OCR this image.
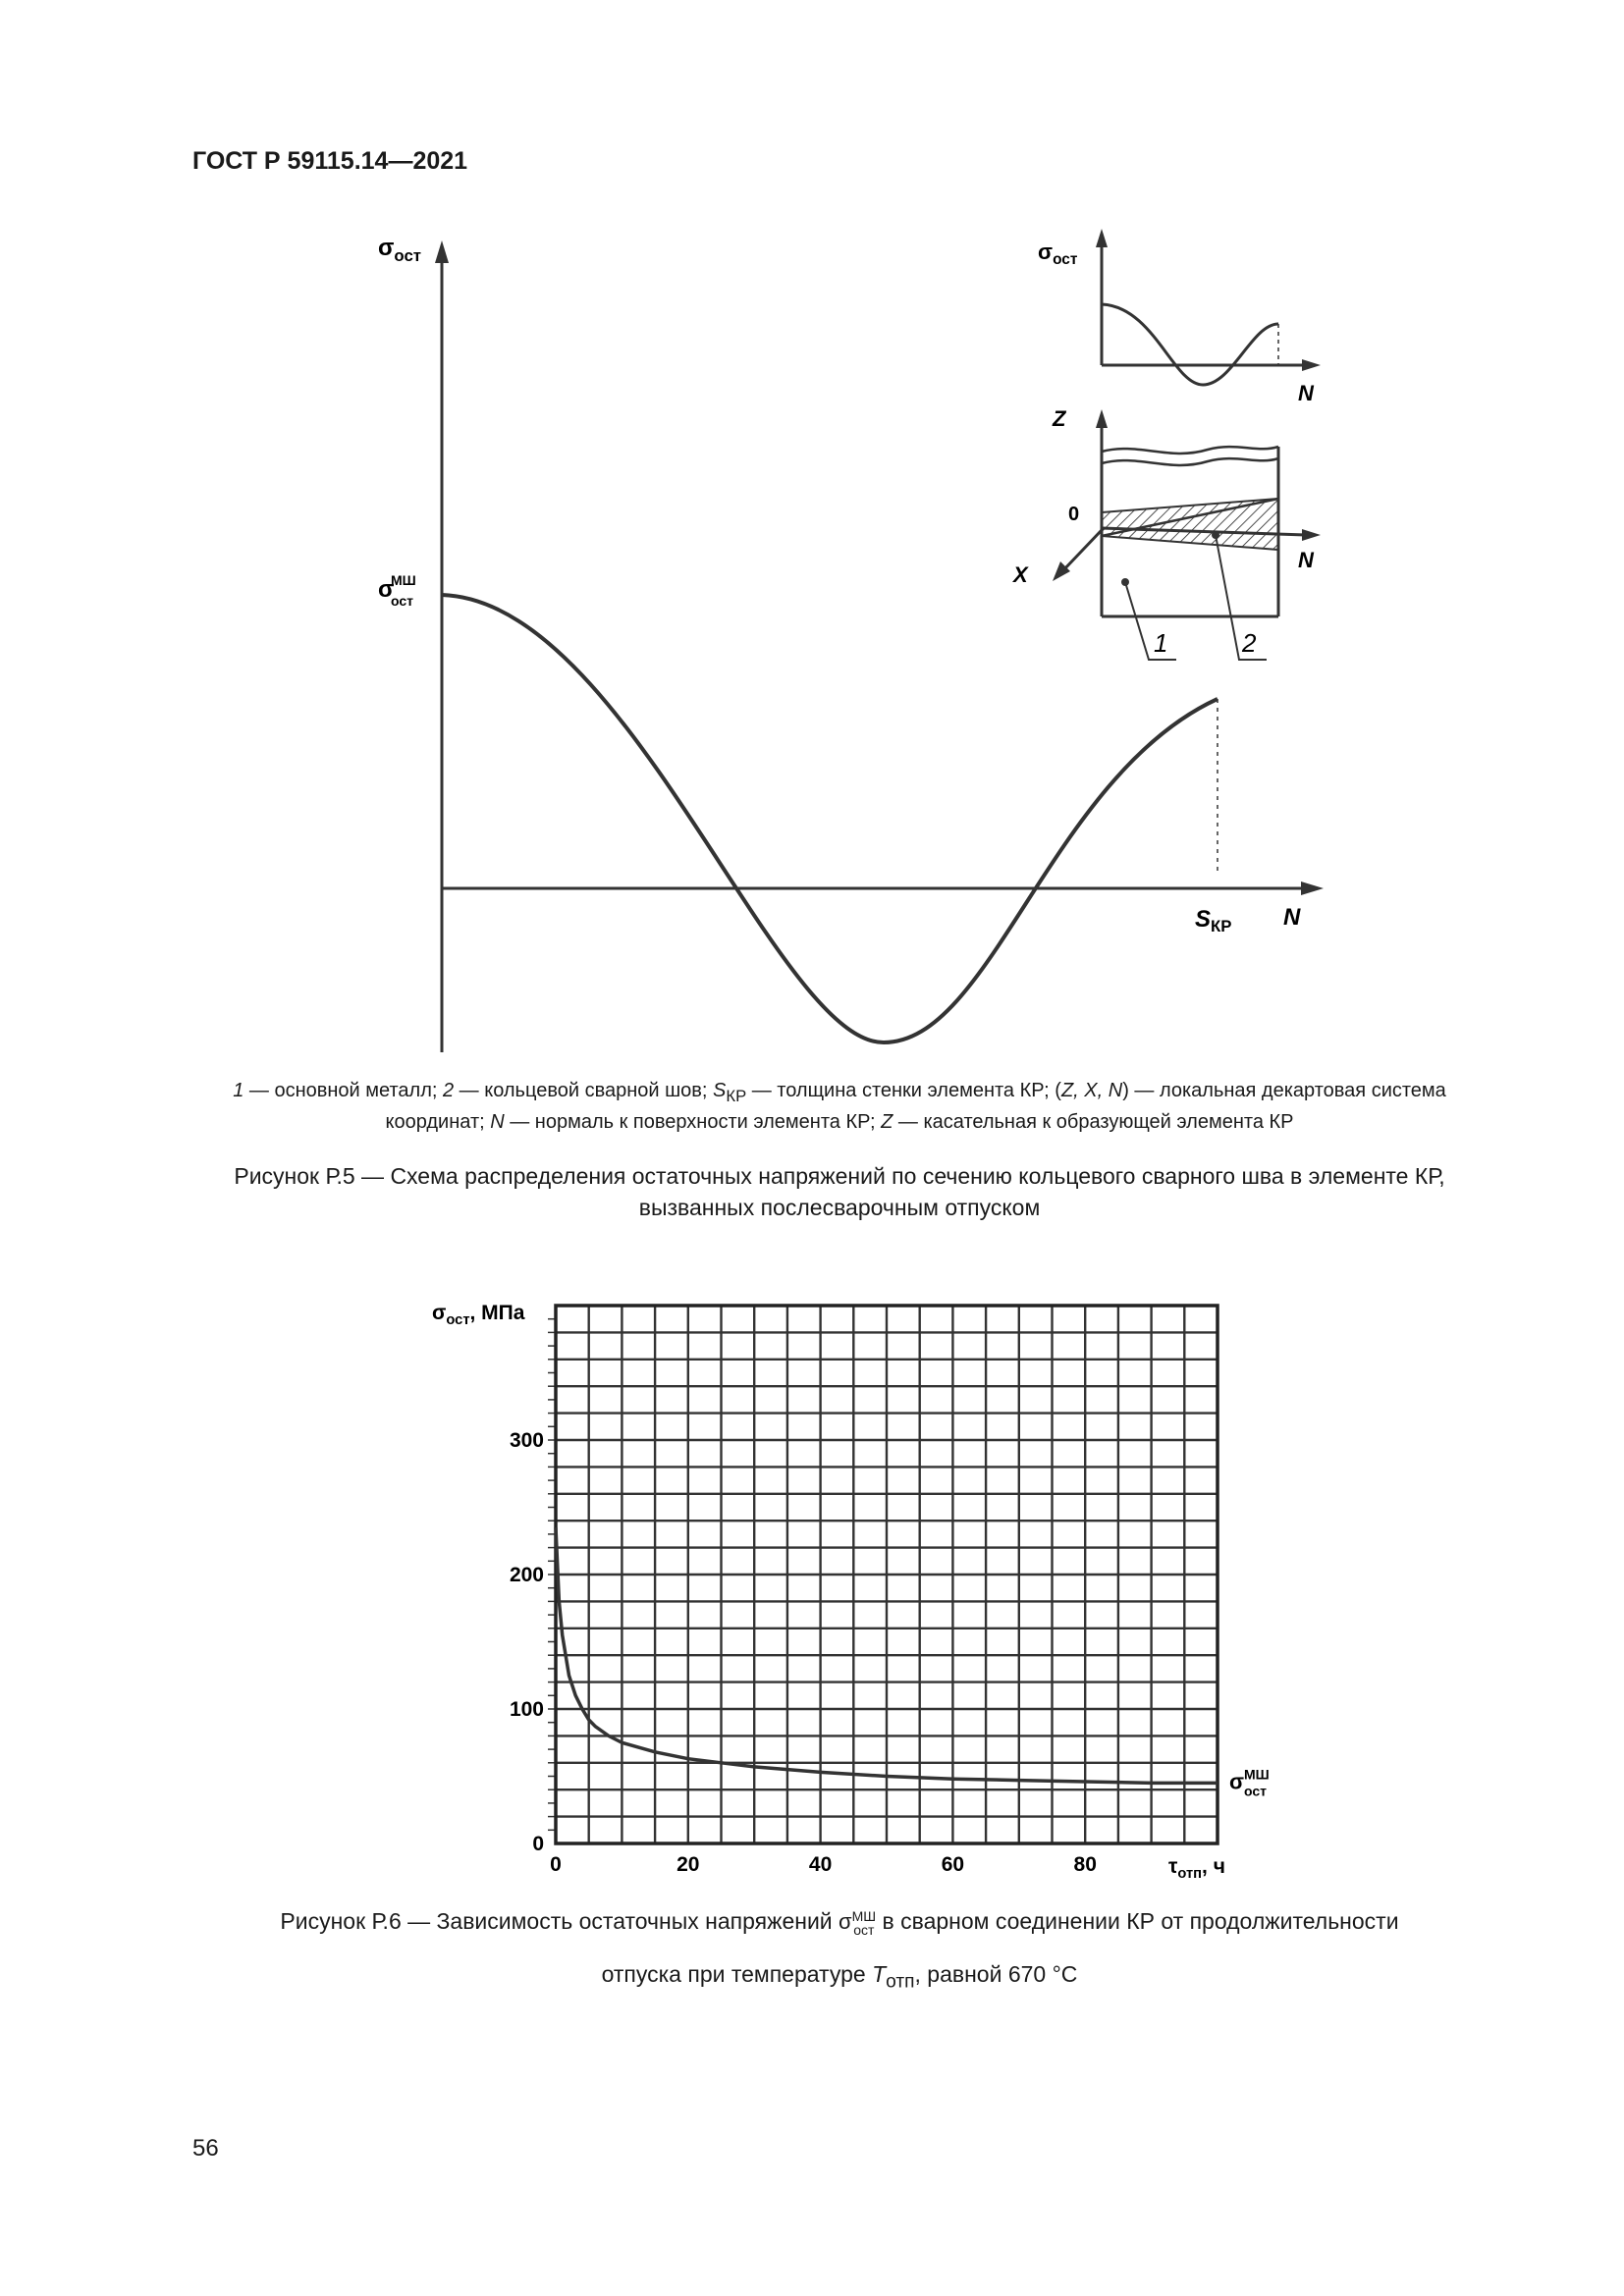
ГОСТ Р 59115.14—2021
$\sigma_{ост}$
σ
МШ
ост
N
$S_{КР}$
$\sigma_{ост}$
N
Z
0
X
N
1	2
1 — основной металл; 2 — кольцевой сварной шов; $S_{КР}$ — толщина стенки элемента КР; (Z, X, N) — локальная декартовая система координат; N — нормаль к поверхности элемента КР; Z — касательная к образующей элемента КР
Рисунок Р.5 — Схема распределения остаточных напряжений по сечению кольцевого сварного шва в элементе КР, вызванных послесварочным отпуском
0	20	40	60	80
0
100
200
300
$\sigma_{ост}$, МПа
$\tau_{отп}$, ч
σ МШ
ост
Рисунок Р.6 — Зависимость остаточных напряжений σ МШ
ост в сварном соединении КР от продолжительности
отпуска при температуре $T_{отп}$, равной 670 °С
56
